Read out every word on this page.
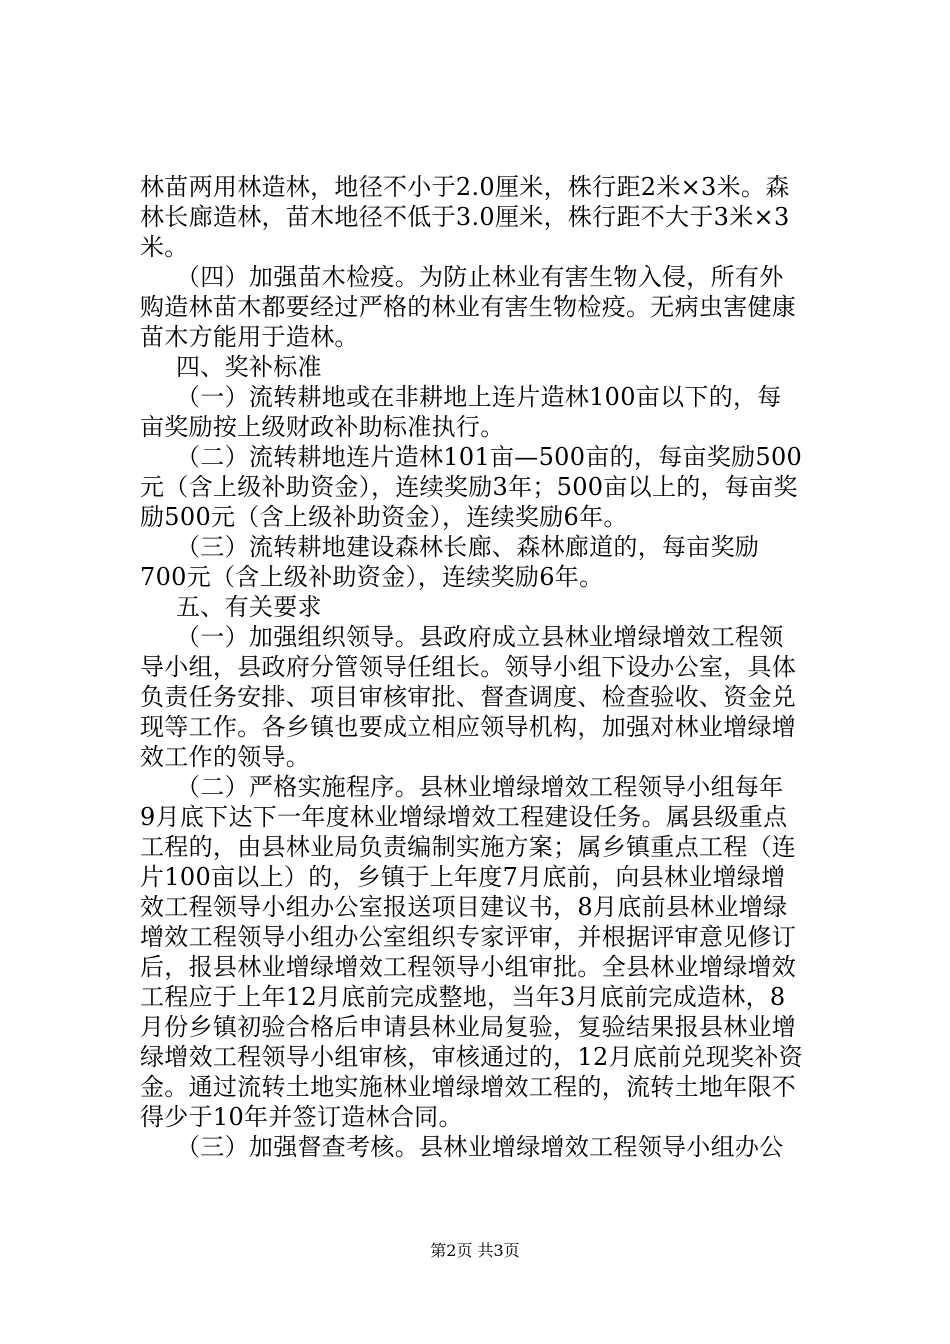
林苗两用林造林，地径不小于2.0厘米，株行距2米×3米。森
林长廊造林，苗木地径不低于3.0厘米，株行距不大于3米×3
米。
（四）加强苗木检疫。为防止林业有害生物入侵，所有外
购造林苗木都要经过严格的林业有害生物检疫。无病虫害健康
苗木方能用于造林。
四、奖补标准
（一）流转耕地或在非耕地上连片造林100亩以下的，每
亩奖励按上级财政补助标准执行。
（二）流转耕地连片造林101亩—500亩的，每亩奖励500
元（含上级补助资金），连续奖励3年；500亩以上的，每亩奖
励500元（含上级补助资金），连续奖励6年。
（三）流转耕地建设森林长廊、森林廊道的，每亩奖励
700元（含上级补助资金），连续奖励6年。
五、有关要求
（一）加强组织领导。县政府成立县林业增绿增效工程领
导小组，县政府分管领导任组长。领导小组下设办公室，具体
负责任务安排、项目审核审批、督查调度、检查验收、资金兑
现等工作。各乡镇也要成立相应领导机构，加强对林业增绿增
效工作的领导。
（二）严格实施程序。县林业增绿增效工程领导小组每年
9月底下达下一年度林业增绿增效工程建设任务。属县级重点
工程的，由县林业局负责编制实施方案；属乡镇重点工程（连
片100亩以上）的，乡镇于上年度7月底前，向县林业增绿增
效工程领导小组办公室报送项目建议书，8月底前县林业增绿
增效工程领导小组办公室组织专家评审，并根据评审意见修订
后，报县林业增绿增效工程领导小组审批。全县林业增绿增效
工程应于上年12月底前完成整地，当年3月底前完成造林，8
月份乡镇初验合格后申请县林业局复验，复验结果报县林业增
绿增效工程领导小组审核，审核通过的，12月底前兑现奖补资
金。通过流转土地实施林业增绿增效工程的，流转土地年限不
得少于10年并签订造林合同。
（三）加强督查考核。县林业增绿增效工程领导小组办公
第2页 共3页
